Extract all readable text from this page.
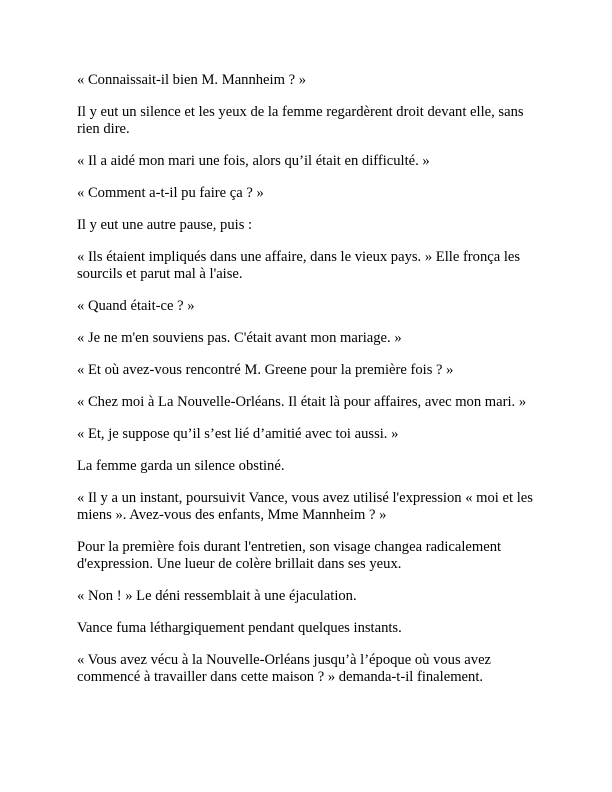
« Connaissait-il bien M. Mannheim ? »

Il y eut un silence et les yeux de la femme regardèrent droit devant elle, sans rien dire.

« Il a aidé mon mari une fois, alors qu’il était en difficulté. »

« Comment a-t-il pu faire ça ? »

Il y eut une autre pause, puis :

« Ils étaient impliqués dans une affaire, dans le vieux pays. » Elle fronça les sourcils et parut mal à l'aise.

« Quand était-ce ? »

« Je ne m'en souviens pas. C'était avant mon mariage. »

« Et où avez-vous rencontré M. Greene pour la première fois ? »

« Chez moi à La Nouvelle-Orléans. Il était là pour affaires, avec mon mari. »

« Et, je suppose qu’il s’est lié d’amitié avec toi aussi. »

La femme garda un silence obstiné.

« Il y a un instant, poursuivit Vance, vous avez utilisé l'expression « moi et les miens ». Avez-vous des enfants, Mme Mannheim ? »

Pour la première fois durant l'entretien, son visage changea radicalement d'expression. Une lueur de colère brillait dans ses yeux.

« Non ! » Le déni ressemblait à une éjaculation.

Vance fuma léthargiquement pendant quelques instants.

« Vous avez vécu à la Nouvelle-Orléans jusqu’à l’époque où vous avez commencé à travailler dans cette maison ? » demanda-t-il finalement.
